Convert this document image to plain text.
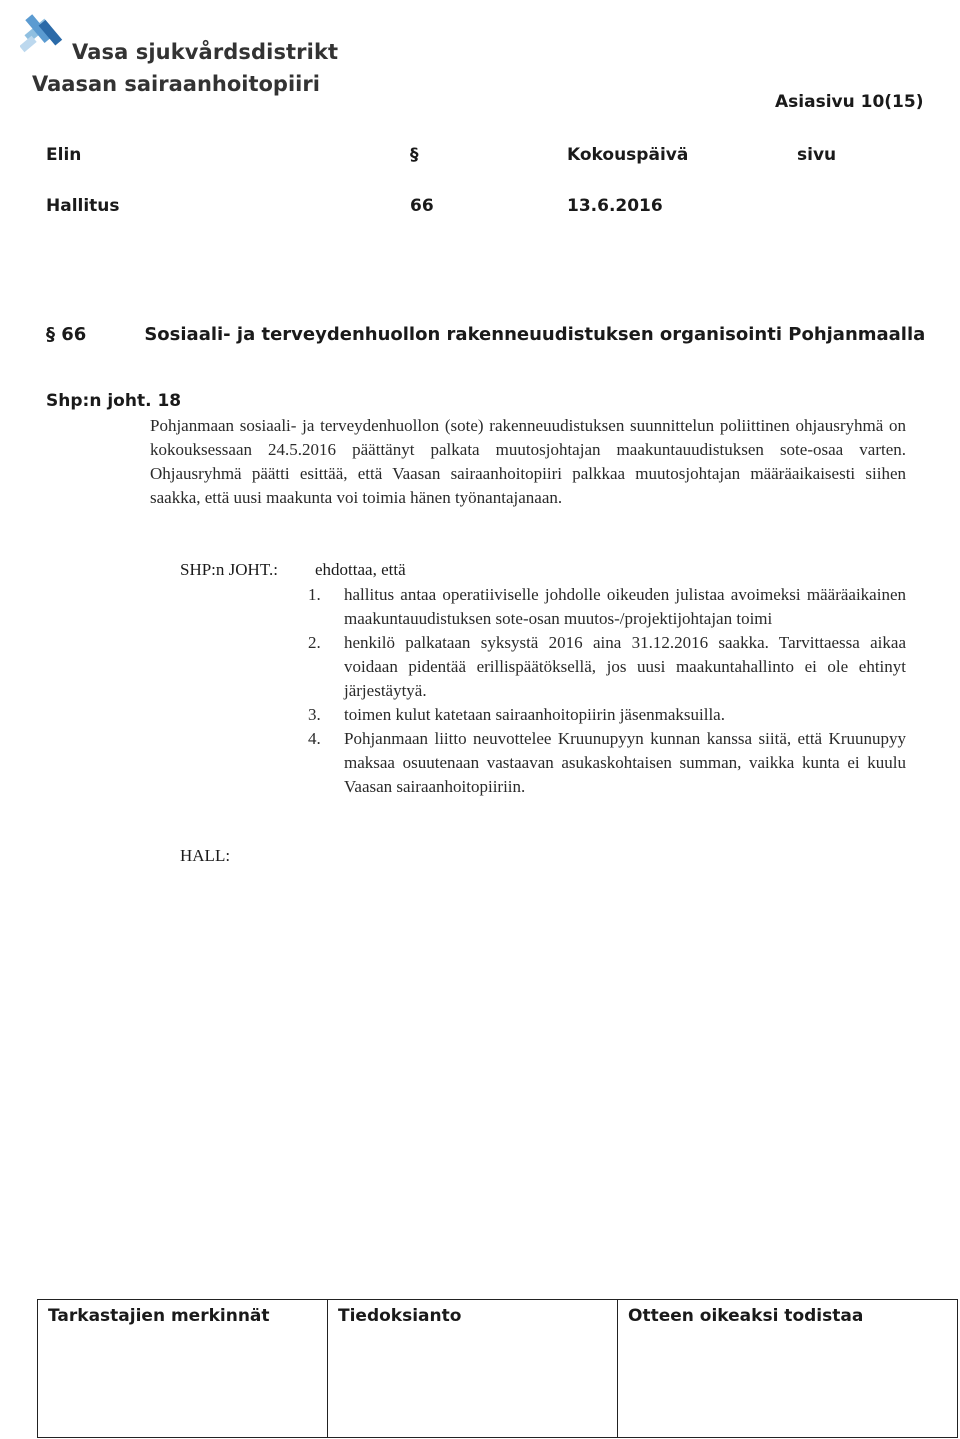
Vasa sjukvårdsdistrikt
Vaasan sairaanhoitopiiri
Asiasivu 10(15)
Elin	§	Kokouspäivä	sivu
Hallitus	66	13.6.2016
§ 66	Sosiaali- ja terveydenhuollon rakenneuudistuksen organisointi Pohjanmaalla
Shp:n joht. 18
Pohjanmaan sosiaali- ja terveydenhuollon (sote) rakenneuudistuksen suunnittelun poliittinen ohjausryhmä on kokouksessaan 24.5.2016 päättänyt palkata muutosjohtajan maakuntauudistuksen sote-osaa varten. Ohjausryhmä päätti esittää, että Vaasan sairaanhoitopiiri palkkaa muutosjohtajan määräaikaisesti siihen saakka, että uusi maakunta voi toimia hänen työnantajanaan.
SHP:n JOHT.: ehdottaa, että
1.	hallitus antaa operatiiviselle johdolle oikeuden julistaa avoimeksi määräaikainen maakuntauudistuksen sote-osan muutos-/projektijohtajan toimi
2.	henkilö palkataan syksystä 2016 aina 31.12.2016 saakka. Tarvittaessa aikaa voidaan pidentää erillispäätöksellä, jos uusi maakuntahallinto ei ole ehtinyt järjestäytyä.
3.	toimen kulut katetaan sairaanhoitopiirin jäsenmaksuilla.
4.	Pohjanmaan liitto neuvottelee Kruunupyyn kunnan kanssa siitä, että Kruunupyy maksaa osuutenaan vastaavan asukaskohtaisen summan, vaikka kunta ei kuulu Vaasan sairaanhoitopiiriin.
HALL:
Tarkastajien merkinnät	Tiedoksianto	Otteen oikeaksi todistaa
